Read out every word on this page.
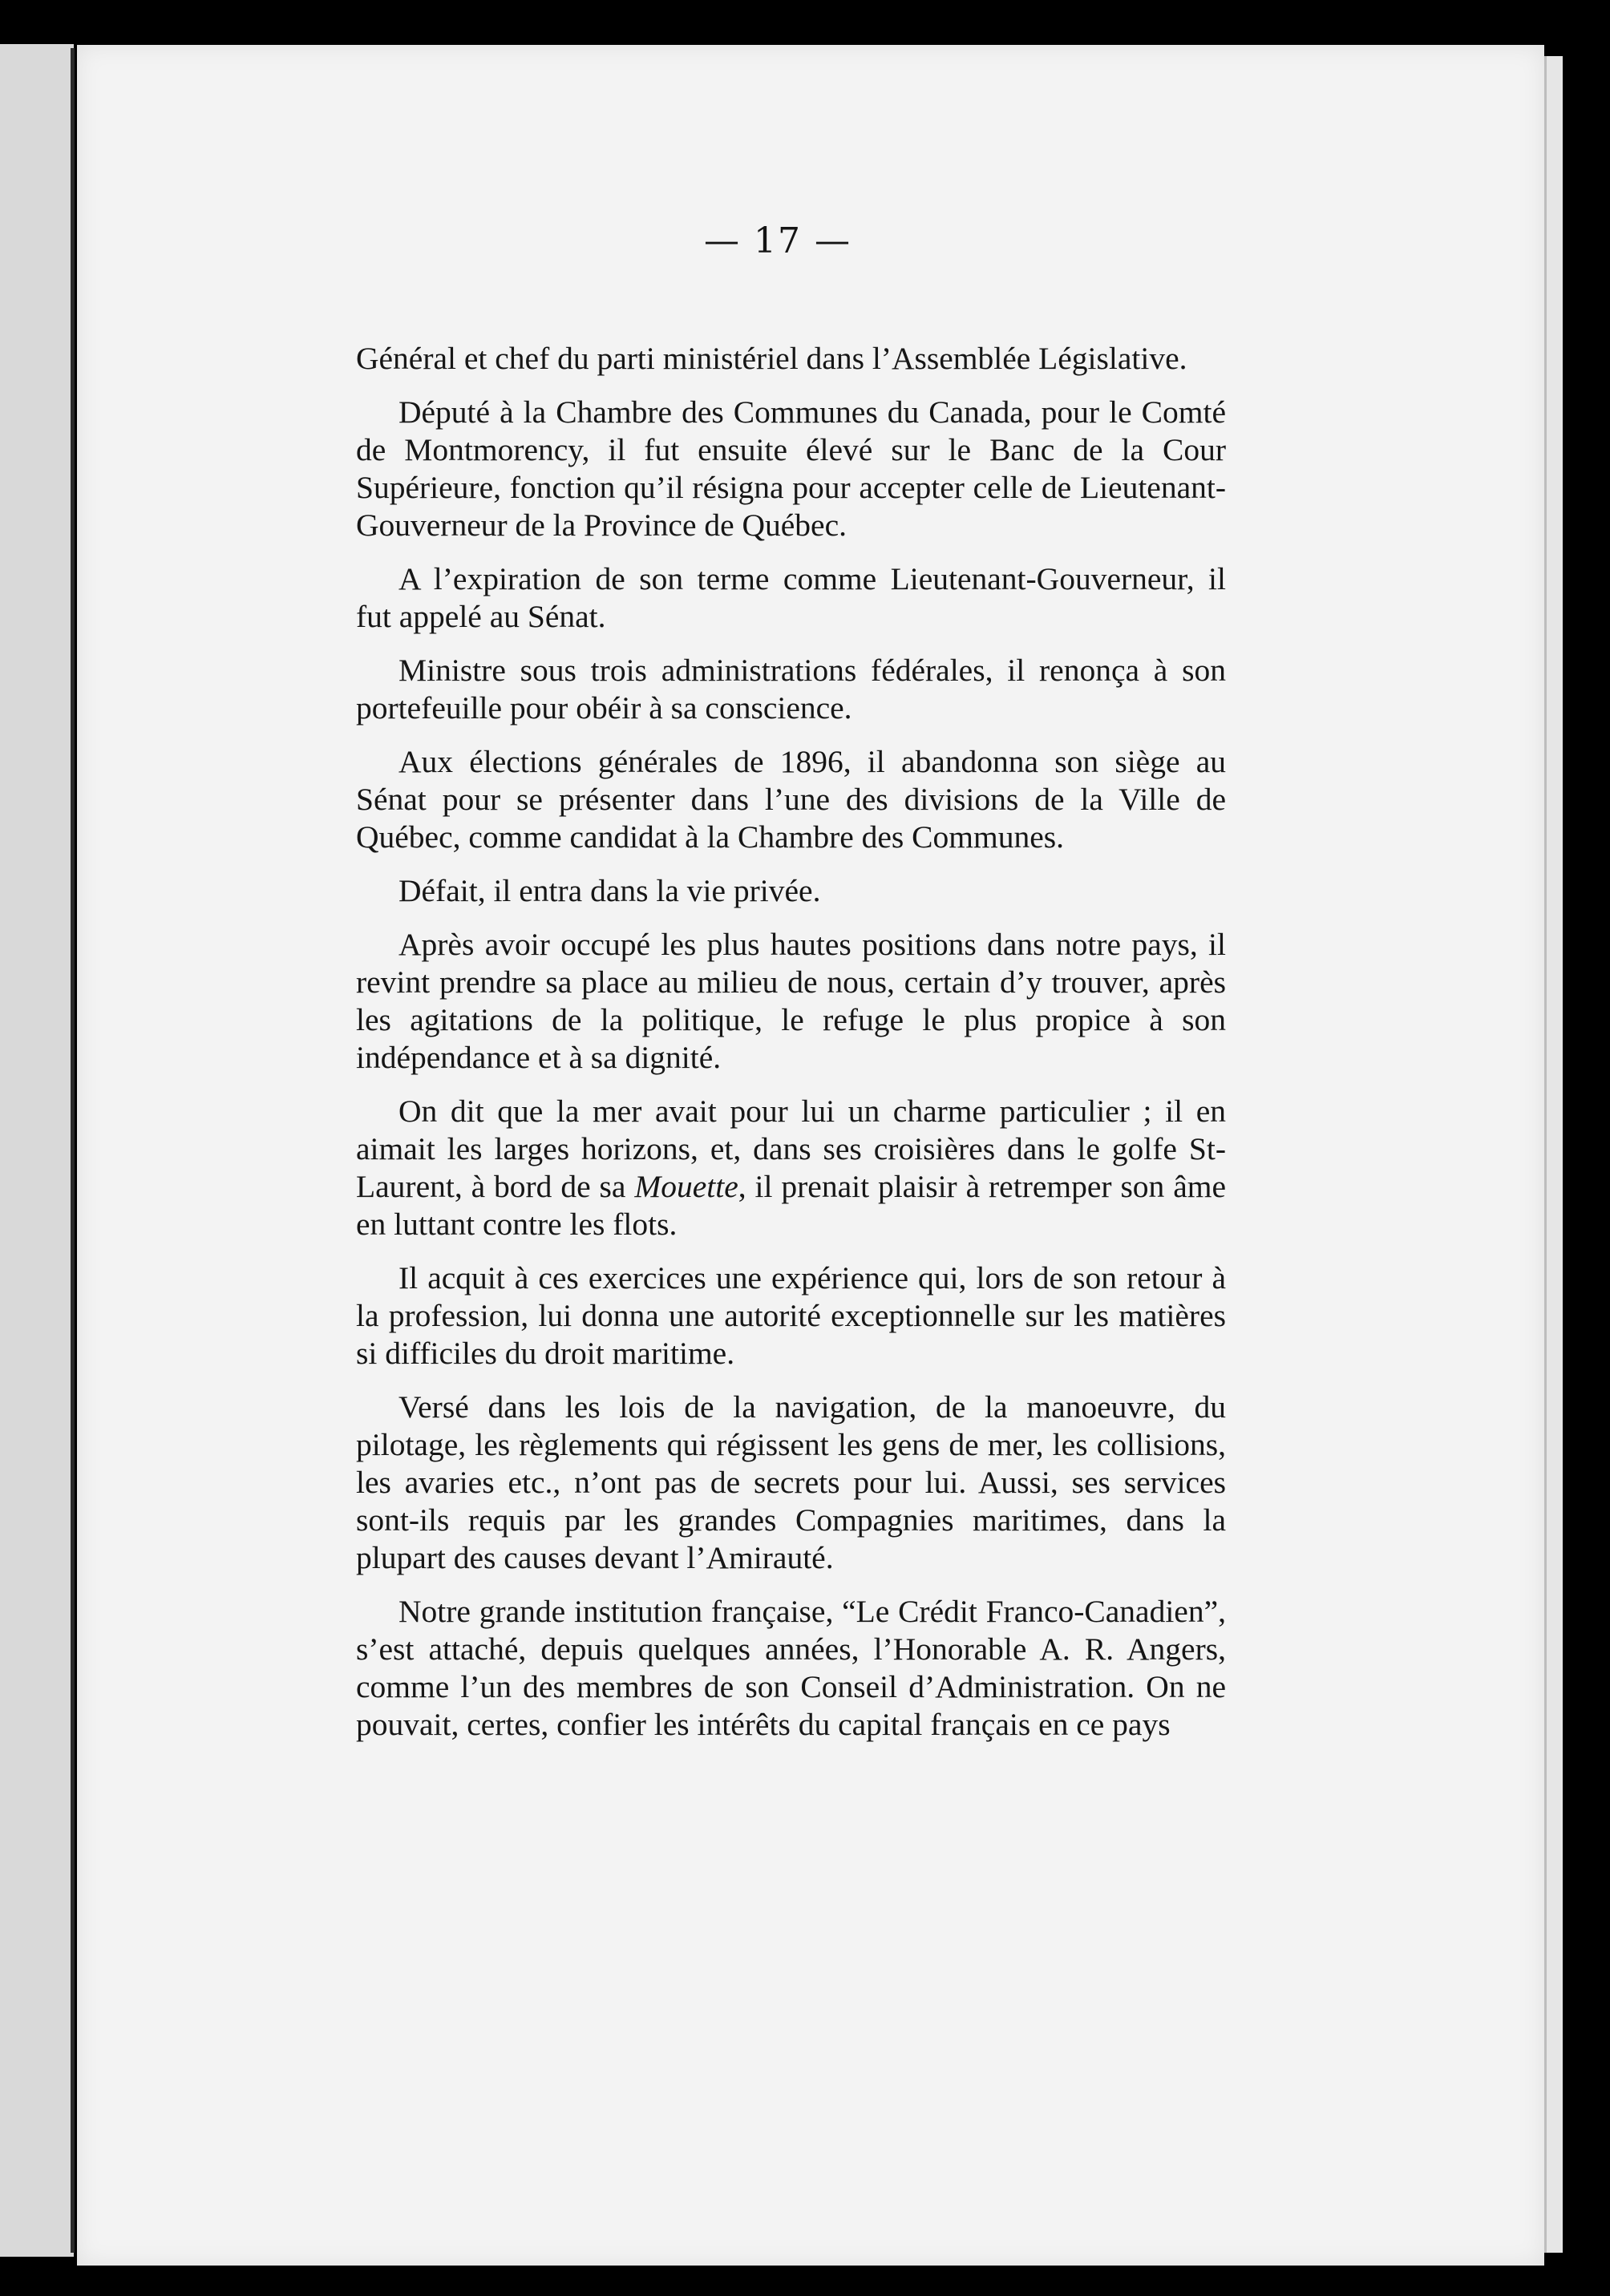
— 17 —

Général et chef du parti ministériel dans l’Assemblée Législative.

Député à la Chambre des Communes du Canada, pour le Comté de Montmorency, il fut ensuite élevé sur le Banc de la Cour Supérieure, fonction qu’il résigna pour accepter celle de Lieutenant-Gouverneur de la Province de Québec.

A l’expiration de son terme comme Lieutenant-Gouverneur, il fut appelé au Sénat.

Ministre sous trois administrations fédérales, il renonça à son portefeuille pour obéir à sa conscience.

Aux élections générales de 1896, il abandonna son siège au Sénat pour se présenter dans l’une des divisions de la Ville de Québec, comme candidat à la Chambre des Communes.

Défait, il entra dans la vie privée.

Après avoir occupé les plus hautes positions dans notre pays, il revint prendre sa place au milieu de nous, certain d’y trouver, après les agitations de la politique, le refuge le plus propice à son indépendance et à sa dignité.

On dit que la mer avait pour lui un charme particulier ; il en aimait les larges horizons, et, dans ses croisières dans le golfe St-Laurent, à bord de sa Mouette, il prenait plaisir à retremper son âme en luttant contre les flots.

Il acquit à ces exercices une expérience qui, lors de son retour à la profession, lui donna une autorité exceptionnelle sur les matières si difficiles du droit maritime.

Versé dans les lois de la navigation, de la manoeuvre, du pilotage, les règlements qui régissent les gens de mer, les collisions, les avaries etc., n’ont pas de secrets pour lui. Aussi, ses services sont-ils requis par les grandes Compagnies maritimes, dans la plupart des causes devant l’Amirauté.

Notre grande institution française, “Le Crédit Franco-Canadien”, s’est attaché, depuis quelques années, l’Honorable A. R. Angers, comme l’un des membres de son Conseil d’Administration. On ne pouvait, certes, confier les intérêts du capital français en ce pays
